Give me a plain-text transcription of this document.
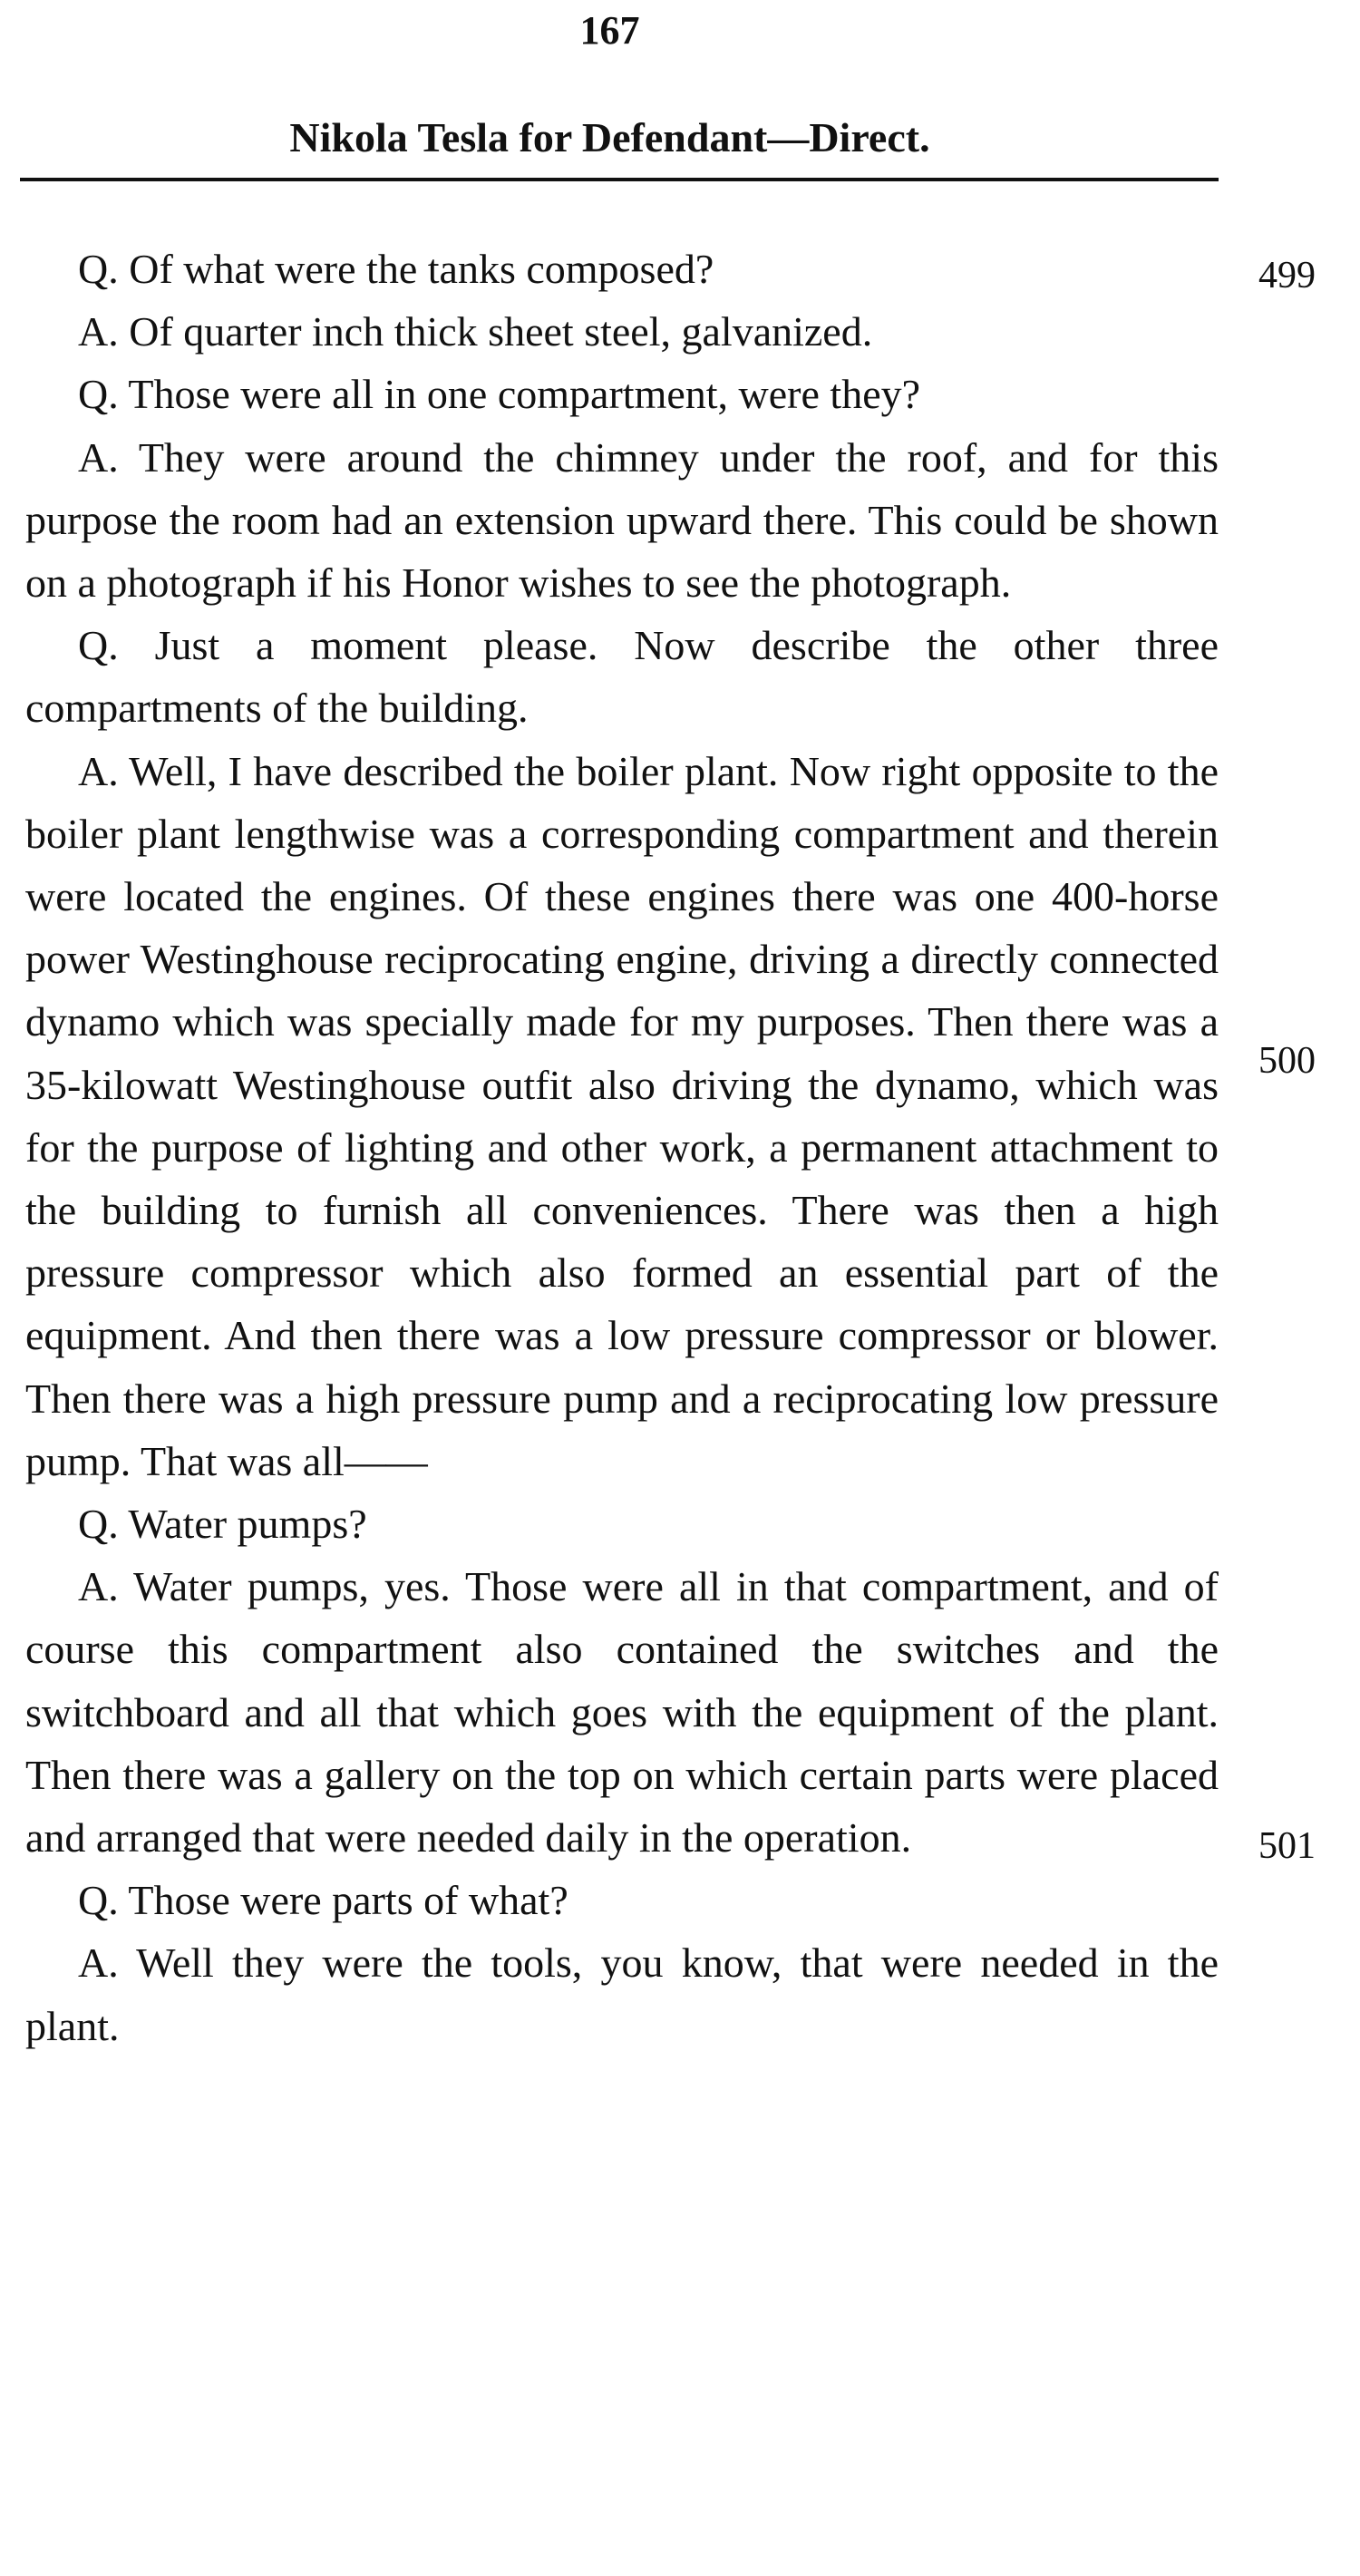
167
Nikola Tesla for Defendant—Direct.
499
500
501

Q. Of what were the tanks composed?

A. Of quarter inch thick sheet steel, galvanized.

Q. Those were all in one compartment, were they?

A. They were around the chimney under the roof, and for this purpose the room had an extension upward there. This could be shown on a photograph if his Honor wishes to see the photograph.

Q. Just a moment please. Now describe the other three compartments of the building.

A. Well, I have described the boiler plant. Now right opposite to the boiler plant lengthwise was a corresponding compartment and therein were located the engines. Of these engines there was one 400-horse power Westinghouse reciprocating engine, driving a directly connected dynamo which was specially made for my purposes. Then there was a 35-kilowatt Westinghouse outfit also driving the dynamo, which was for the purpose of lighting and other work, a permanent attachment to the building to furnish all conveniences. There was then a high pressure compressor which also formed an essential part of the equipment. And then there was a low pressure compressor or blower. Then there was a high pressure pump and a reciprocating low pressure pump. That was all——

Q. Water pumps?

A. Water pumps, yes. Those were all in that compartment, and of course this compartment also contained the switches and the switchboard and all that which goes with the equipment of the plant. Then there was a gallery on the top on which certain parts were placed and arranged that were needed daily in the operation.

Q. Those were parts of what?

A. Well they were the tools, you know, that were needed in the plant.
